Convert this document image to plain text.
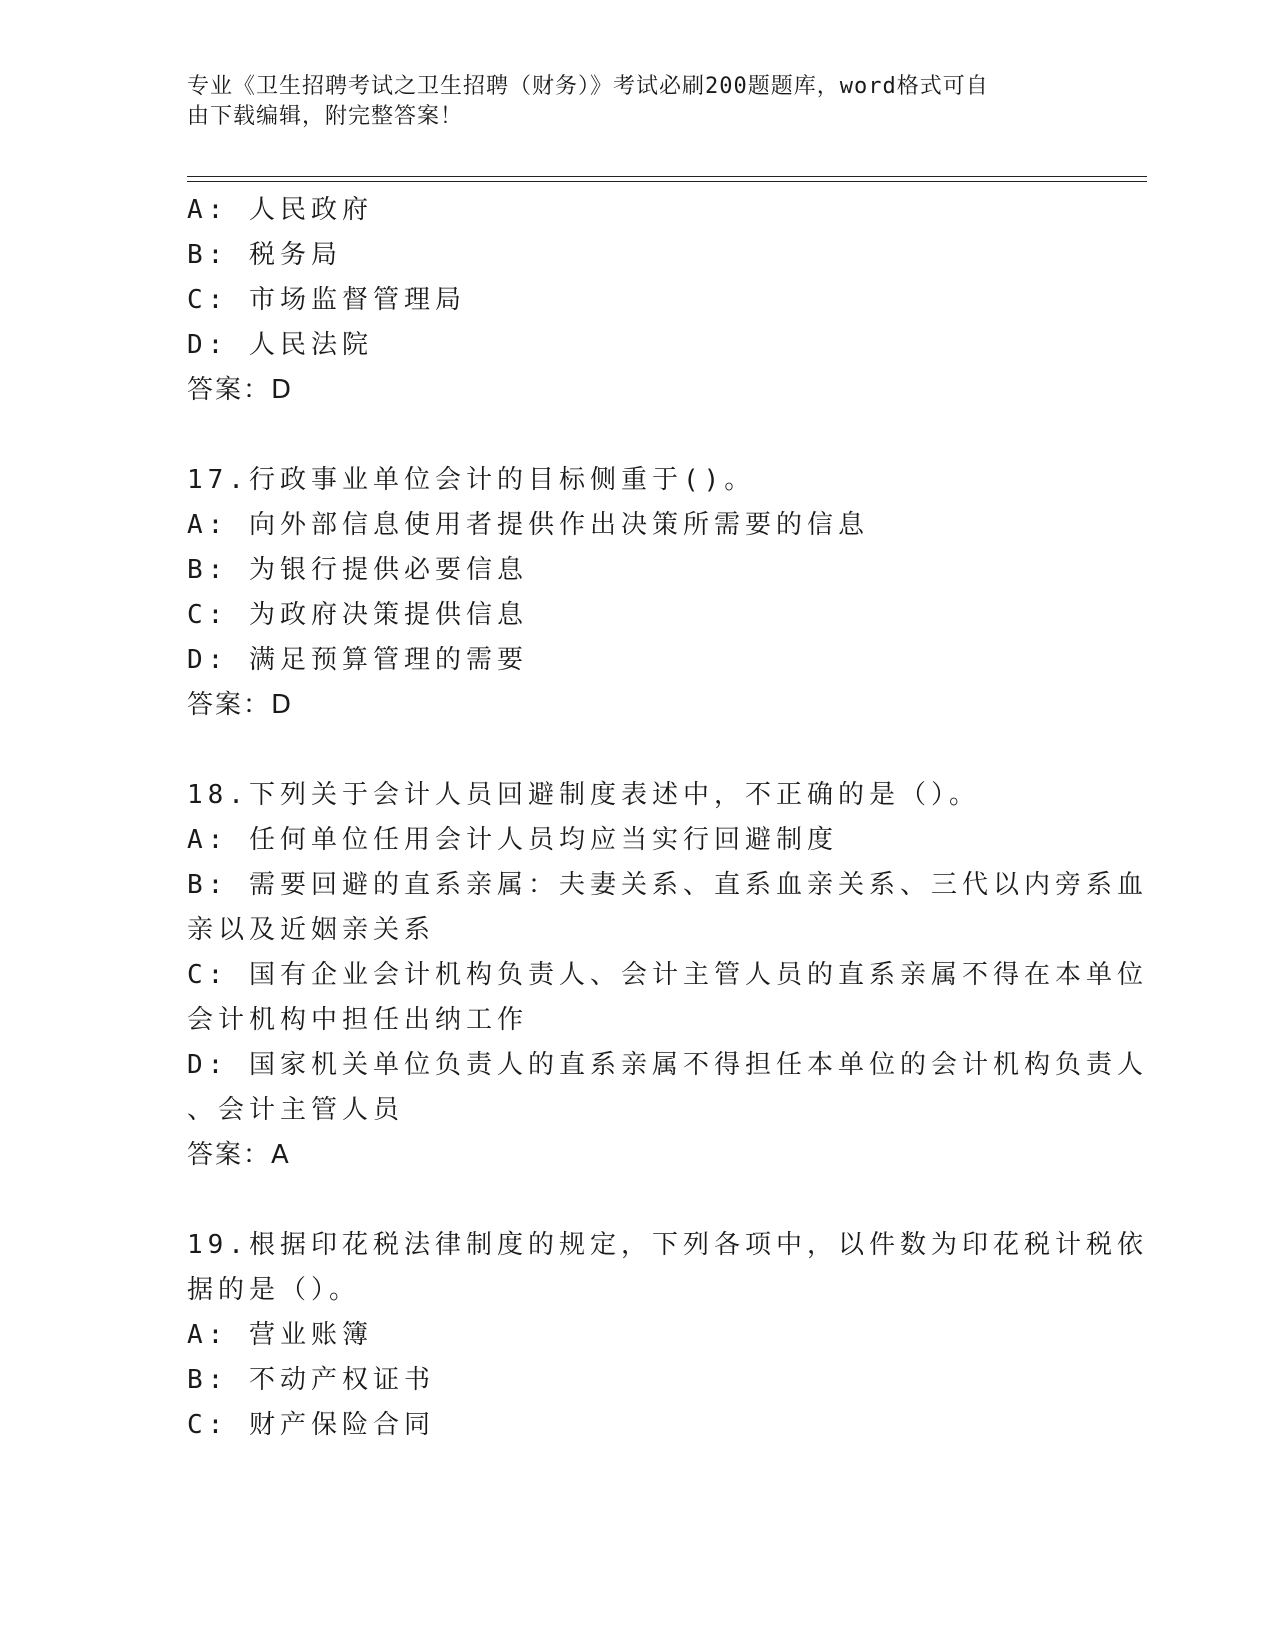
专业《卫生招聘考试之卫生招聘（财务）》考试必刷200题题库，word格式可自
由下载编辑，附完整答案！
A: 人民政府
B: 税务局
C: 市场监督管理局
D: 人民法院
答案：D
17.行政事业单位会计的目标侧重于()。
A: 向外部信息使用者提供作出决策所需要的信息
B: 为银行提供必要信息
C: 为政府决策提供信息
D: 满足预算管理的需要
答案：D
18.下列关于会计人员回避制度表述中，不正确的是（）。
A: 任何单位任用会计人员均应当实行回避制度
B: 需要回避的直系亲属：夫妻关系、直系血亲关系、三代以内旁系血
亲以及近姻亲关系
C: 国有企业会计机构负责人、会计主管人员的直系亲属不得在本单位
会计机构中担任出纳工作
D: 国家机关单位负责人的直系亲属不得担任本单位的会计机构负责人
、会计主管人员
答案：A
19.根据印花税法律制度的规定，下列各项中，以件数为印花税计税依
据的是（）。
A: 营业账簿
B: 不动产权证书
C: 财产保险合同
